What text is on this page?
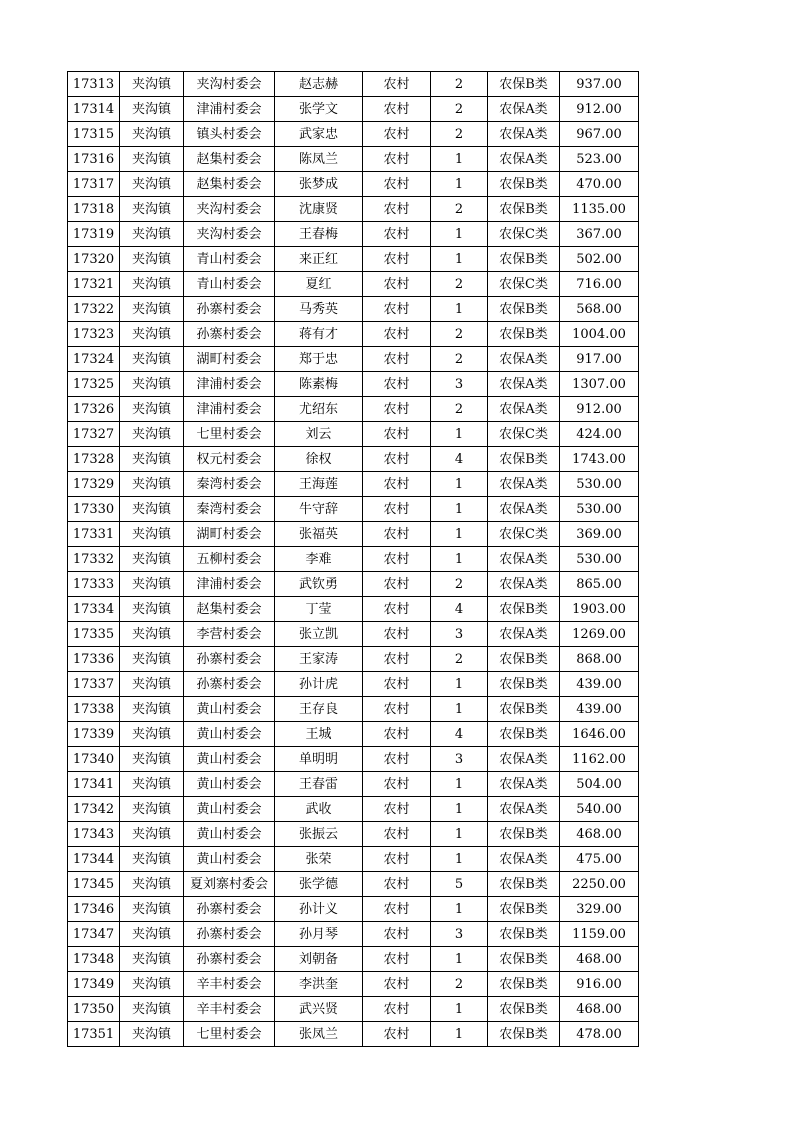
17313	夹沟镇	夹沟村委会	赵志赫	农村	2	农保B类	937.00
17314	夹沟镇	津浦村委会	张学文	农村	2	农保A类	912.00
17315	夹沟镇	镇头村委会	武家忠	农村	2	农保A类	967.00
17316	夹沟镇	赵集村委会	陈凤兰	农村	1	农保A类	523.00
17317	夹沟镇	赵集村委会	张梦成	农村	1	农保B类	470.00
17318	夹沟镇	夹沟村委会	沈康贤	农村	2	农保B类	1135.00
17319	夹沟镇	夹沟村委会	王春梅	农村	1	农保C类	367.00
17320	夹沟镇	青山村委会	来正红	农村	1	农保B类	502.00
17321	夹沟镇	青山村委会	夏红	农村	2	农保C类	716.00
17322	夹沟镇	孙寨村委会	马秀英	农村	1	农保B类	568.00
17323	夹沟镇	孙寨村委会	蒋有才	农村	2	农保B类	1004.00
17324	夹沟镇	湖町村委会	郑于忠	农村	2	农保A类	917.00
17325	夹沟镇	津浦村委会	陈素梅	农村	3	农保A类	1307.00
17326	夹沟镇	津浦村委会	尤绍东	农村	2	农保A类	912.00
17327	夹沟镇	七里村委会	刘云	农村	1	农保C类	424.00
17328	夹沟镇	权元村委会	徐权	农村	4	农保B类	1743.00
17329	夹沟镇	秦湾村委会	王海莲	农村	1	农保A类	530.00
17330	夹沟镇	秦湾村委会	牛守辞	农村	1	农保A类	530.00
17331	夹沟镇	湖町村委会	张福英	农村	1	农保C类	369.00
17332	夹沟镇	五柳村委会	李难	农村	1	农保A类	530.00
17333	夹沟镇	津浦村委会	武钦勇	农村	2	农保A类	865.00
17334	夹沟镇	赵集村委会	丁莹	农村	4	农保B类	1903.00
17335	夹沟镇	李营村委会	张立凯	农村	3	农保A类	1269.00
17336	夹沟镇	孙寨村委会	王家涛	农村	2	农保B类	868.00
17337	夹沟镇	孙寨村委会	孙计虎	农村	1	农保B类	439.00
17338	夹沟镇	黄山村委会	王存良	农村	1	农保B类	439.00
17339	夹沟镇	黄山村委会	王城	农村	4	农保B类	1646.00
17340	夹沟镇	黄山村委会	单明明	农村	3	农保A类	1162.00
17341	夹沟镇	黄山村委会	王春雷	农村	1	农保A类	504.00
17342	夹沟镇	黄山村委会	武收	农村	1	农保A类	540.00
17343	夹沟镇	黄山村委会	张振云	农村	1	农保B类	468.00
17344	夹沟镇	黄山村委会	张荣	农村	1	农保A类	475.00
17345	夹沟镇	夏刘寨村委会	张学德	农村	5	农保B类	2250.00
17346	夹沟镇	孙寨村委会	孙计义	农村	1	农保B类	329.00
17347	夹沟镇	孙寨村委会	孙月琴	农村	3	农保B类	1159.00
17348	夹沟镇	孙寨村委会	刘朝备	农村	1	农保B类	468.00
17349	夹沟镇	辛丰村委会	李洪奎	农村	2	农保B类	916.00
17350	夹沟镇	辛丰村委会	武兴贤	农村	1	农保B类	468.00
17351	夹沟镇	七里村委会	张凤兰	农村	1	农保B类	478.00
